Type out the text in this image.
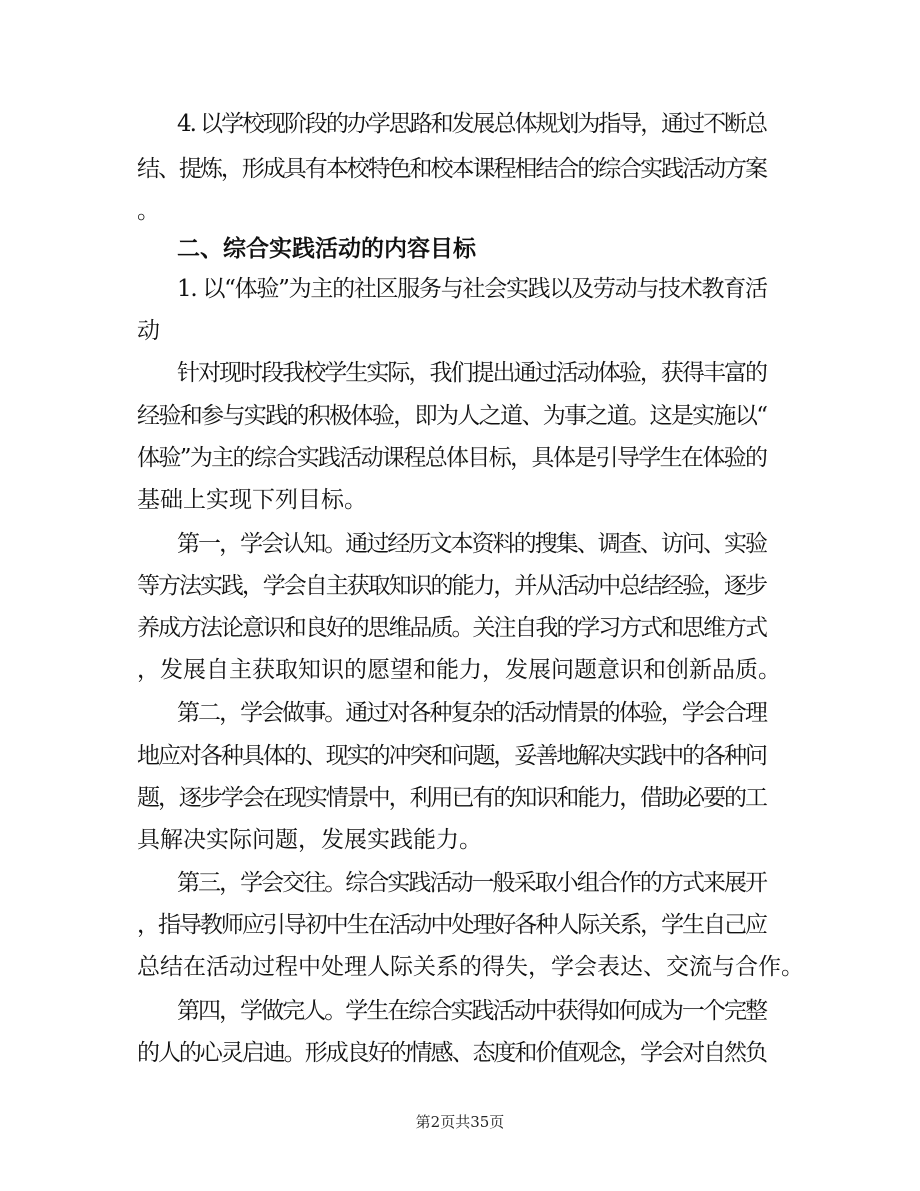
4. 以学校现阶段的办学思路和发展总体规划为指导，通过不断总
结、提炼，形成具有本校特色和校本课程相结合的综合实践活动方案
。
二、综合实践活动的内容目标
1. 以“体验”为主的社区服务与社会实践以及劳动与技术教育活
动
针对现时段我校学生实际，我们提出通过活动体验，获得丰富的
经验和参与实践的积极体验，即为人之道、为事之道。这是实施以“
体验”为主的综合实践活动课程总体目标，具体是引导学生在体验的
基础上实现下列目标。
第一，学会认知。通过经历文本资料的搜集、调查、访问、实验
等方法实践，学会自主获取知识的能力，并从活动中总结经验，逐步
养成方法论意识和良好的思维品质。关注自我的学习方式和思维方式
，发展自主获取知识的愿望和能力，发展问题意识和创新品质。
第二，学会做事。通过对各种复杂的活动情景的体验，学会合理
地应对各种具体的、现实的冲突和问题，妥善地解决实践中的各种问
题，逐步学会在现实情景中，利用已有的知识和能力，借助必要的工
具解决实际问题，发展实践能力。
第三，学会交往。综合实践活动一般采取小组合作的方式来展开
，指导教师应引导初中生在活动中处理好各种人际关系，学生自己应
总结在活动过程中处理人际关系的得失，学会表达、交流与合作。
第四，学做完人。学生在综合实践活动中获得如何成为一个完整
的人的心灵启迪。形成良好的情感、态度和价值观念，学会对自然负
第2页共35页
